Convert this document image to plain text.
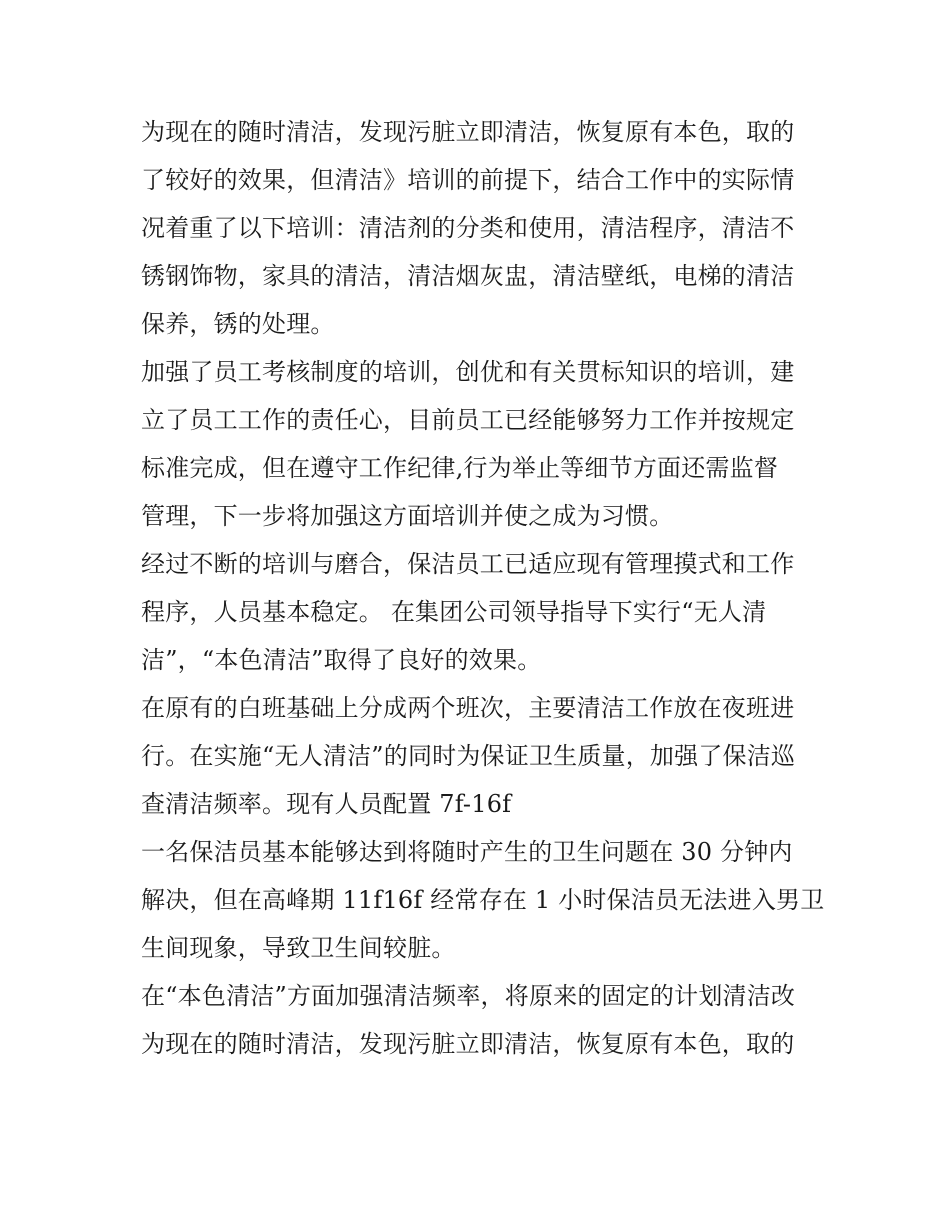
为现在的随时清洁，发现污脏立即清洁，恢复原有本色，取的
了较好的效果，但清洁》培训的前提下，结合工作中的实际情
况着重了以下培训：清洁剂的分类和使用，清洁程序，清洁不
锈钢饰物，家具的清洁，清洁烟灰盅，清洁壁纸，电梯的清洁
保养，锈的处理。
加强了员工考核制度的培训，创优和有关贯标知识的培训，建
立了员工工作的责任心，目前员工已经能够努力工作并按规定
标准完成，但在遵守工作纪律,行为举止等细节方面还需监督
管理，下一步将加强这方面培训并使之成为习惯。
经过不断的培训与磨合，保洁员工已适应现有管理摸式和工作
程序，人员基本稳定。 在集团公司领导指导下实行“无人清
洁”，“本色清洁”取得了良好的效果。
在原有的白班基础上分成两个班次，主要清洁工作放在夜班进
行。在实施“无人清洁”的同时为保证卫生质量，加强了保洁巡
查清洁频率。现有人员配置 7f-16f
一名保洁员基本能够达到将随时产生的卫生问题在 30 分钟内
解决，但在高峰期 11f16f 经常存在 1 小时保洁员无法进入男卫
生间现象，导致卫生间较脏。
在“本色清洁”方面加强清洁频率，将原来的固定的计划清洁改
为现在的随时清洁，发现污脏立即清洁，恢复原有本色，取的
